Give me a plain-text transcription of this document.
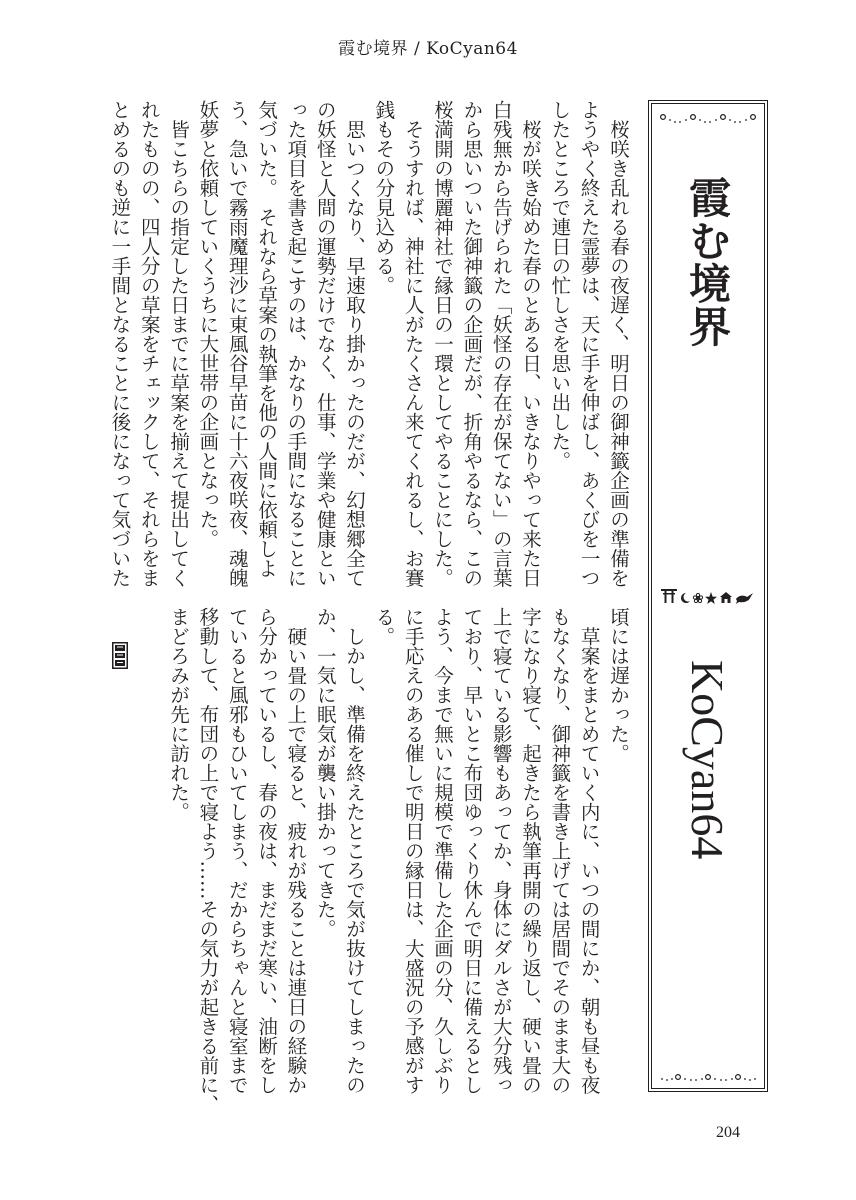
霞む境界 / KoCyan64
　桜咲き乱れる春の夜遅く、明日の御神籤企画の準備を
ようやく終えた霊夢は、天に手を伸ばし、あくびを一つ
したところで連日の忙しさを思い出した。
　桜が咲き始めた春のとある日、いきなりやって来た日
白残無から告げられた「妖怪の存在が保てない」の言葉
から思いついた御神籤の企画だが、折角やるなら、この
桜満開の博麗神社で縁日の一環としてやることにした。
　そうすれば、神社に人がたくさん来てくれるし、お賽
銭もその分見込める。
　思いつくなり、早速取り掛かったのだが、幻想郷全て
の妖怪と人間の運勢だけでなく、仕事、学業や健康とい
った項目を書き起こすのは、かなりの手間になることに
気づいた。　それなら草案の執筆を他の人間に依頼しよ
う、急いで霧雨魔理沙に東風谷早苗に十六夜咲夜、魂魄
妖夢と依頼していくうちに大世帯の企画となった。
　皆こちらの指定した日までに草案を揃えて提出してく
れたものの、四人分の草案をチェックして、それらをま
とめるのも逆に一手間となることに後になって気づいた
頃には遅かった。
　草案をまとめていく内に、いつの間にか、朝も昼も夜
もなくなり、御神籤を書き上げては居間でそのまま大の
字になり寝て、起きたら執筆再開の繰り返し、硬い畳の
上で寝ている影響もあってか、身体にダルさが大分残っ
ており、早いとこ布団ゆっくり休んで明日に備えるとし
よう、今まで無いに規模で準備した企画の分、久しぶり
に手応えのある催しで明日の縁日は、大盛況の予感がす
る。
　しかし、準備を終えたところで気が抜けてしまったの
か、一気に眠気が襲い掛かってきた。
　硬い畳の上で寝ると、疲れが残ることは連日の経験か
ら分かっているし、春の夜は、まだまだ寒い、油断をし
ていると風邪もひいてしまう、だからちゃんと寝室まで
移動して、布団の上で寝よう……その気力が起きる前に、
まどろみが先に訪れた。
霞む境界
KoCyan64
204
